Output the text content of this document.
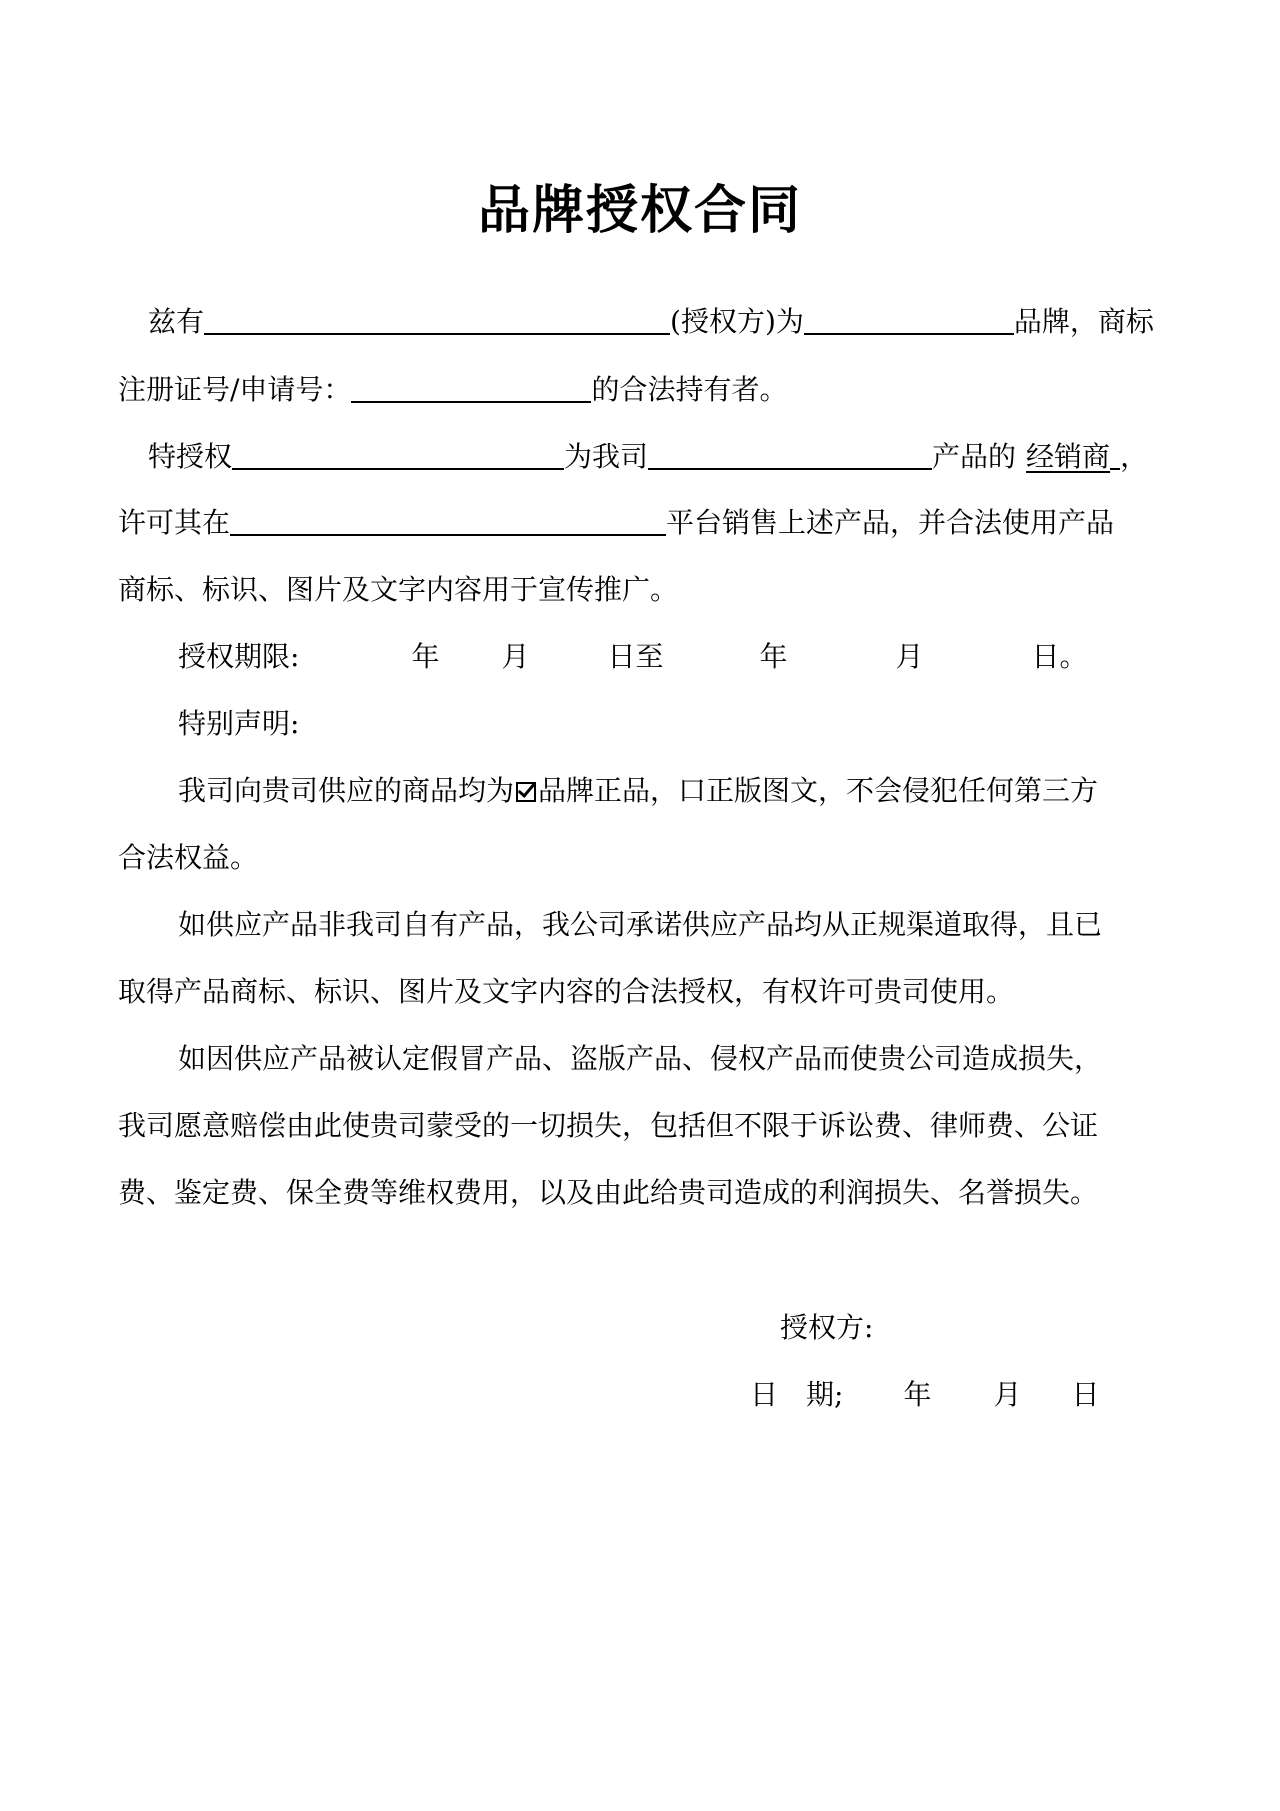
品牌授权合同
兹有	(授权方)为	品牌，商标
注册证号/申请号：	的合法持有者。
特授权	为我司	产品的 经销商 ，
许可其在	平台销售上述产品，并合法使用产品
商标、标识、图片及文字内容用于宣传推广。
授权期限:	年 月	日至	年	月	日。
特别声明:
我司向贵司供应的商品均为 品牌正品，口正版图文，不会侵犯任何第三方
合法权益。
如供应产品非我司自有产品，我公司承诺供应产品均从正规渠道取得，且已
取得产品商标、标识、图片及文字内容的合法授权，有权许可贵司使用。
如因供应产品被认定假冒产品、盗版产品、侵权产品而使贵公司造成损失，
我司愿意赔偿由此使贵司蒙受的一切损失，包括但不限于诉讼费、律师费、公证
费、鉴定费、保全费等维权费用，以及由此给贵司造成的利润损失、名誉损失。
授权方:
日　期; 年 月 日
